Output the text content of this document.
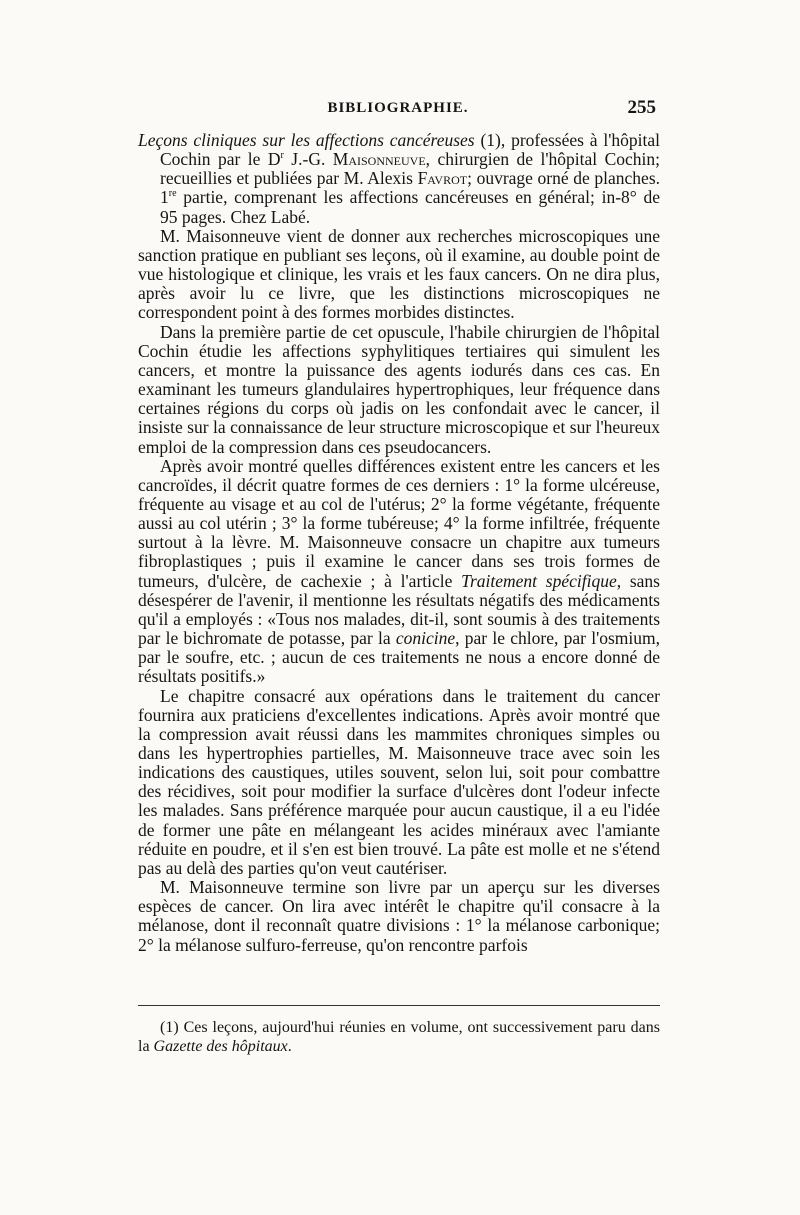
BIBLIOGRAPHIE.	255

Leçons cliniques sur les affections cancéreuses (1), professées à l'hôpital Cochin par le $D^r$ J.-G. Maisonneuve, chirurgien de l'hôpital Cochin; recueillies et publiées par M. Alexis Favrot; ouvrage orné de planches. 1re partie, comprenant les affections cancéreuses en général; in-8° de 95 pages. Chez Labé.

M. Maisonneuve vient de donner aux recherches microscopiques une sanction pratique en publiant ses leçons, où il examine, au double point de vue histologique et clinique, les vrais et les faux cancers. On ne dira plus, après avoir lu ce livre, que les distinctions microscopiques ne correspondent point à des formes morbides distinctes.

Dans la première partie de cet opuscule, l'habile chirurgien de l'hôpital Cochin étudie les affections syphylitiques tertiaires qui simulent les cancers, et montre la puissance des agents iodurés dans ces cas. En examinant les tumeurs glandulaires hypertrophiques, leur fréquence dans certaines régions du corps où jadis on les confondait avec le cancer, il insiste sur la connaissance de leur structure microscopique et sur l'heureux emploi de la compression dans ces pseudocancers.

Après avoir montré quelles différences existent entre les cancers et les cancroïdes, il décrit quatre formes de ces derniers : 1° la forme ulcéreuse, fréquente au visage et au col de l'utérus; 2° la forme végétante, fréquente aussi au col utérin ; 3° la forme tubéreuse; 4° la forme infiltrée, fréquente surtout à la lèvre. M. Maisonneuve consacre un chapitre aux tumeurs fibroplastiques ; puis il examine le cancer dans ses trois formes de tumeurs, d'ulcère, de cachexie ; à l'article Traitement spécifique, sans désespérer de l'avenir, il mentionne les résultats négatifs des médicaments qu'il a employés : «Tous nos malades, dit-il, sont soumis à des traitements par le bichromate de potasse, par la conicine, par le chlore, par l'osmium, par le soufre, etc. ; aucun de ces traitements ne nous a encore donné de résultats positifs.»

Le chapitre consacré aux opérations dans le traitement du cancer fournira aux praticiens d'excellentes indications. Après avoir montré que la compression avait réussi dans les mammites chroniques simples ou dans les hypertrophies partielles, M. Maisonneuve trace avec soin les indications des caustiques, utiles souvent, selon lui, soit pour combattre des récidives, soit pour modifier la surface d'ulcères dont l'odeur infecte les malades. Sans préférence marquée pour aucun caustique, il a eu l'idée de former une pâte en mélangeant les acides minéraux avec l'amiante réduite en poudre, et il s'en est bien trouvé. La pâte est molle et ne s'étend pas au delà des parties qu'on veut cautériser.

M. Maisonneuve termine son livre par un aperçu sur les diverses espèces de cancer. On lira avec intérêt le chapitre qu'il consacre à la mélanose, dont il reconnaît quatre divisions : 1° la mélanose carbonique; 2° la mélanose sulfuro-ferreuse, qu'on rencontre parfois

(1) Ces leçons, aujourd'hui réunies en volume, ont successivement paru dans la Gazette des hôpitaux.
